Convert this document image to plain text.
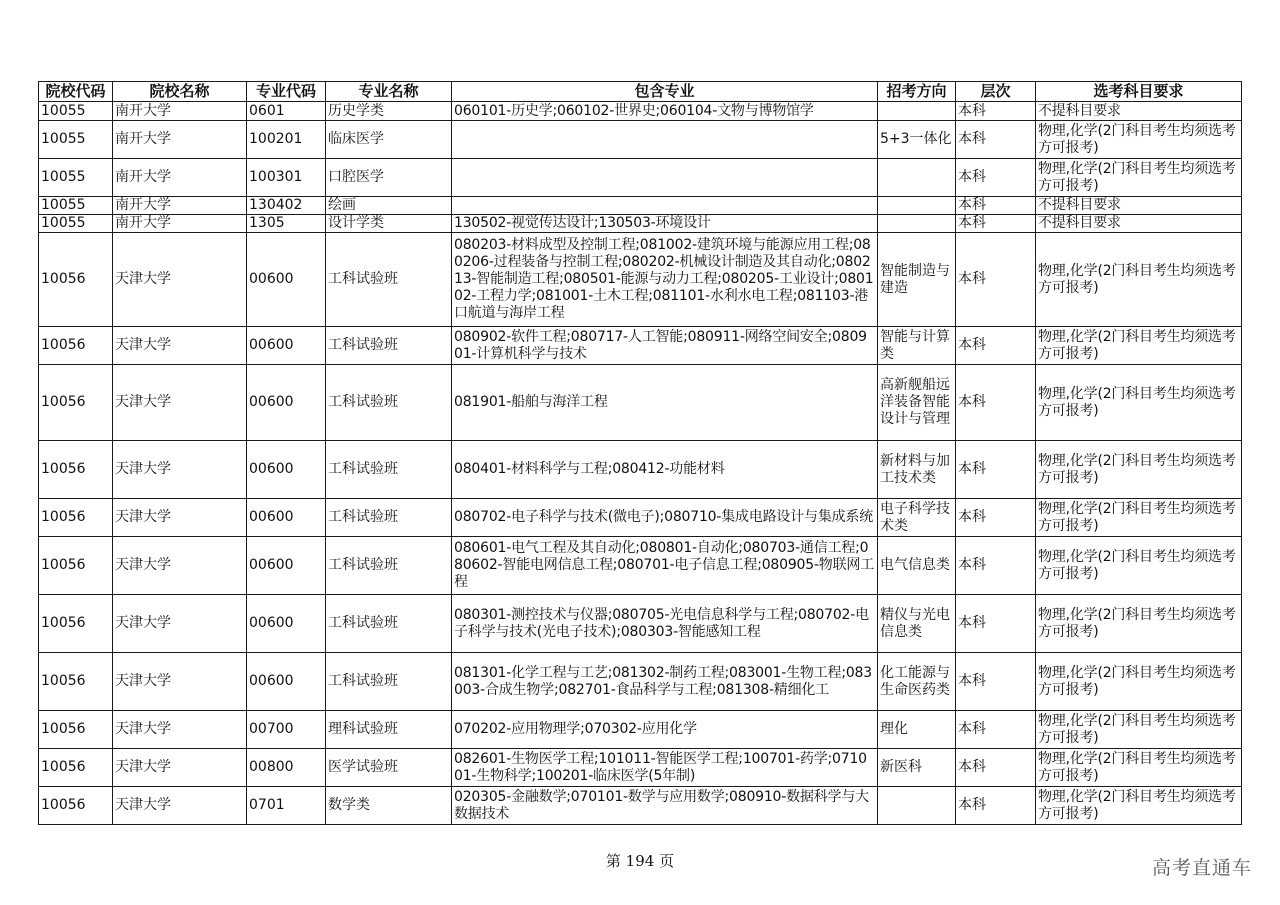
院校代码	院校名称	专业代码	专业名称	包含专业	招考方向	层次	选考科目要求
10055	南开大学	0601	历史学类	060101-历史学;060102-世界史;060104-文物与博物馆学		本科	不提科目要求
10055	南开大学	100201	临床医学		5+3一体化	本科	物理,化学(2门科目考生均须选考方可报考)
10055	南开大学	100301	口腔医学			本科	物理,化学(2门科目考生均须选考方可报考)
10055	南开大学	130402	绘画			本科	不提科目要求
10055	南开大学	1305	设计学类	130502-视觉传达设计;130503-环境设计		本科	不提科目要求
10056	天津大学	00600	工科试验班	080203-材料成型及控制工程;081002-建筑环境与能源应用工程;080206-过程装备与控制工程;080202-机械设计制造及其自动化;080213-智能制造工程;080501-能源与动力工程;080205-工业设计;080102-工程力学;081001-土木工程;081101-水利水电工程;081103-港口航道与海岸工程	智能制造与建造	本科	物理,化学(2门科目考生均须选考方可报考)
10056	天津大学	00600	工科试验班	080902-软件工程;080717-人工智能;080911-网络空间安全;080901-计算机科学与技术	智能与计算类	本科	物理,化学(2门科目考生均须选考方可报考)
10056	天津大学	00600	工科试验班	081901-船舶与海洋工程	高新舰船远洋装备智能设计与管理	本科	物理,化学(2门科目考生均须选考方可报考)
10056	天津大学	00600	工科试验班	080401-材料科学与工程;080412-功能材料	新材料与加工技术类	本科	物理,化学(2门科目考生均须选考方可报考)
10056	天津大学	00600	工科试验班	080702-电子科学与技术(微电子);080710-集成电路设计与集成系统	电子科学技术类	本科	物理,化学(2门科目考生均须选考方可报考)
10056	天津大学	00600	工科试验班	080601-电气工程及其自动化;080801-自动化;080703-通信工程;080602-智能电网信息工程;080701-电子信息工程;080905-物联网工程	电气信息类	本科	物理,化学(2门科目考生均须选考方可报考)
10056	天津大学	00600	工科试验班	080301-测控技术与仪器;080705-光电信息科学与工程;080702-电子科学与技术(光电子技术);080303-智能感知工程	精仪与光电信息类	本科	物理,化学(2门科目考生均须选考方可报考)
10056	天津大学	00600	工科试验班	081301-化学工程与工艺;081302-制药工程;083001-生物工程;083003-合成生物学;082701-食品科学与工程;081308-精细化工	化工能源与生命医药类	本科	物理,化学(2门科目考生均须选考方可报考)
10056	天津大学	00700	理科试验班	070202-应用物理学;070302-应用化学	理化	本科	物理,化学(2门科目考生均须选考方可报考)
10056	天津大学	00800	医学试验班	082601-生物医学工程;101011-智能医学工程;100701-药学;071001-生物科学;100201-临床医学(5年制)	新医科	本科	物理,化学(2门科目考生均须选考方可报考)
10056	天津大学	0701	数学类	020305-金融数学;070101-数学与应用数学;080910-数据科学与大数据技术		本科	物理,化学(2门科目考生均须选考方可报考)
第 194 页	高考直通车
